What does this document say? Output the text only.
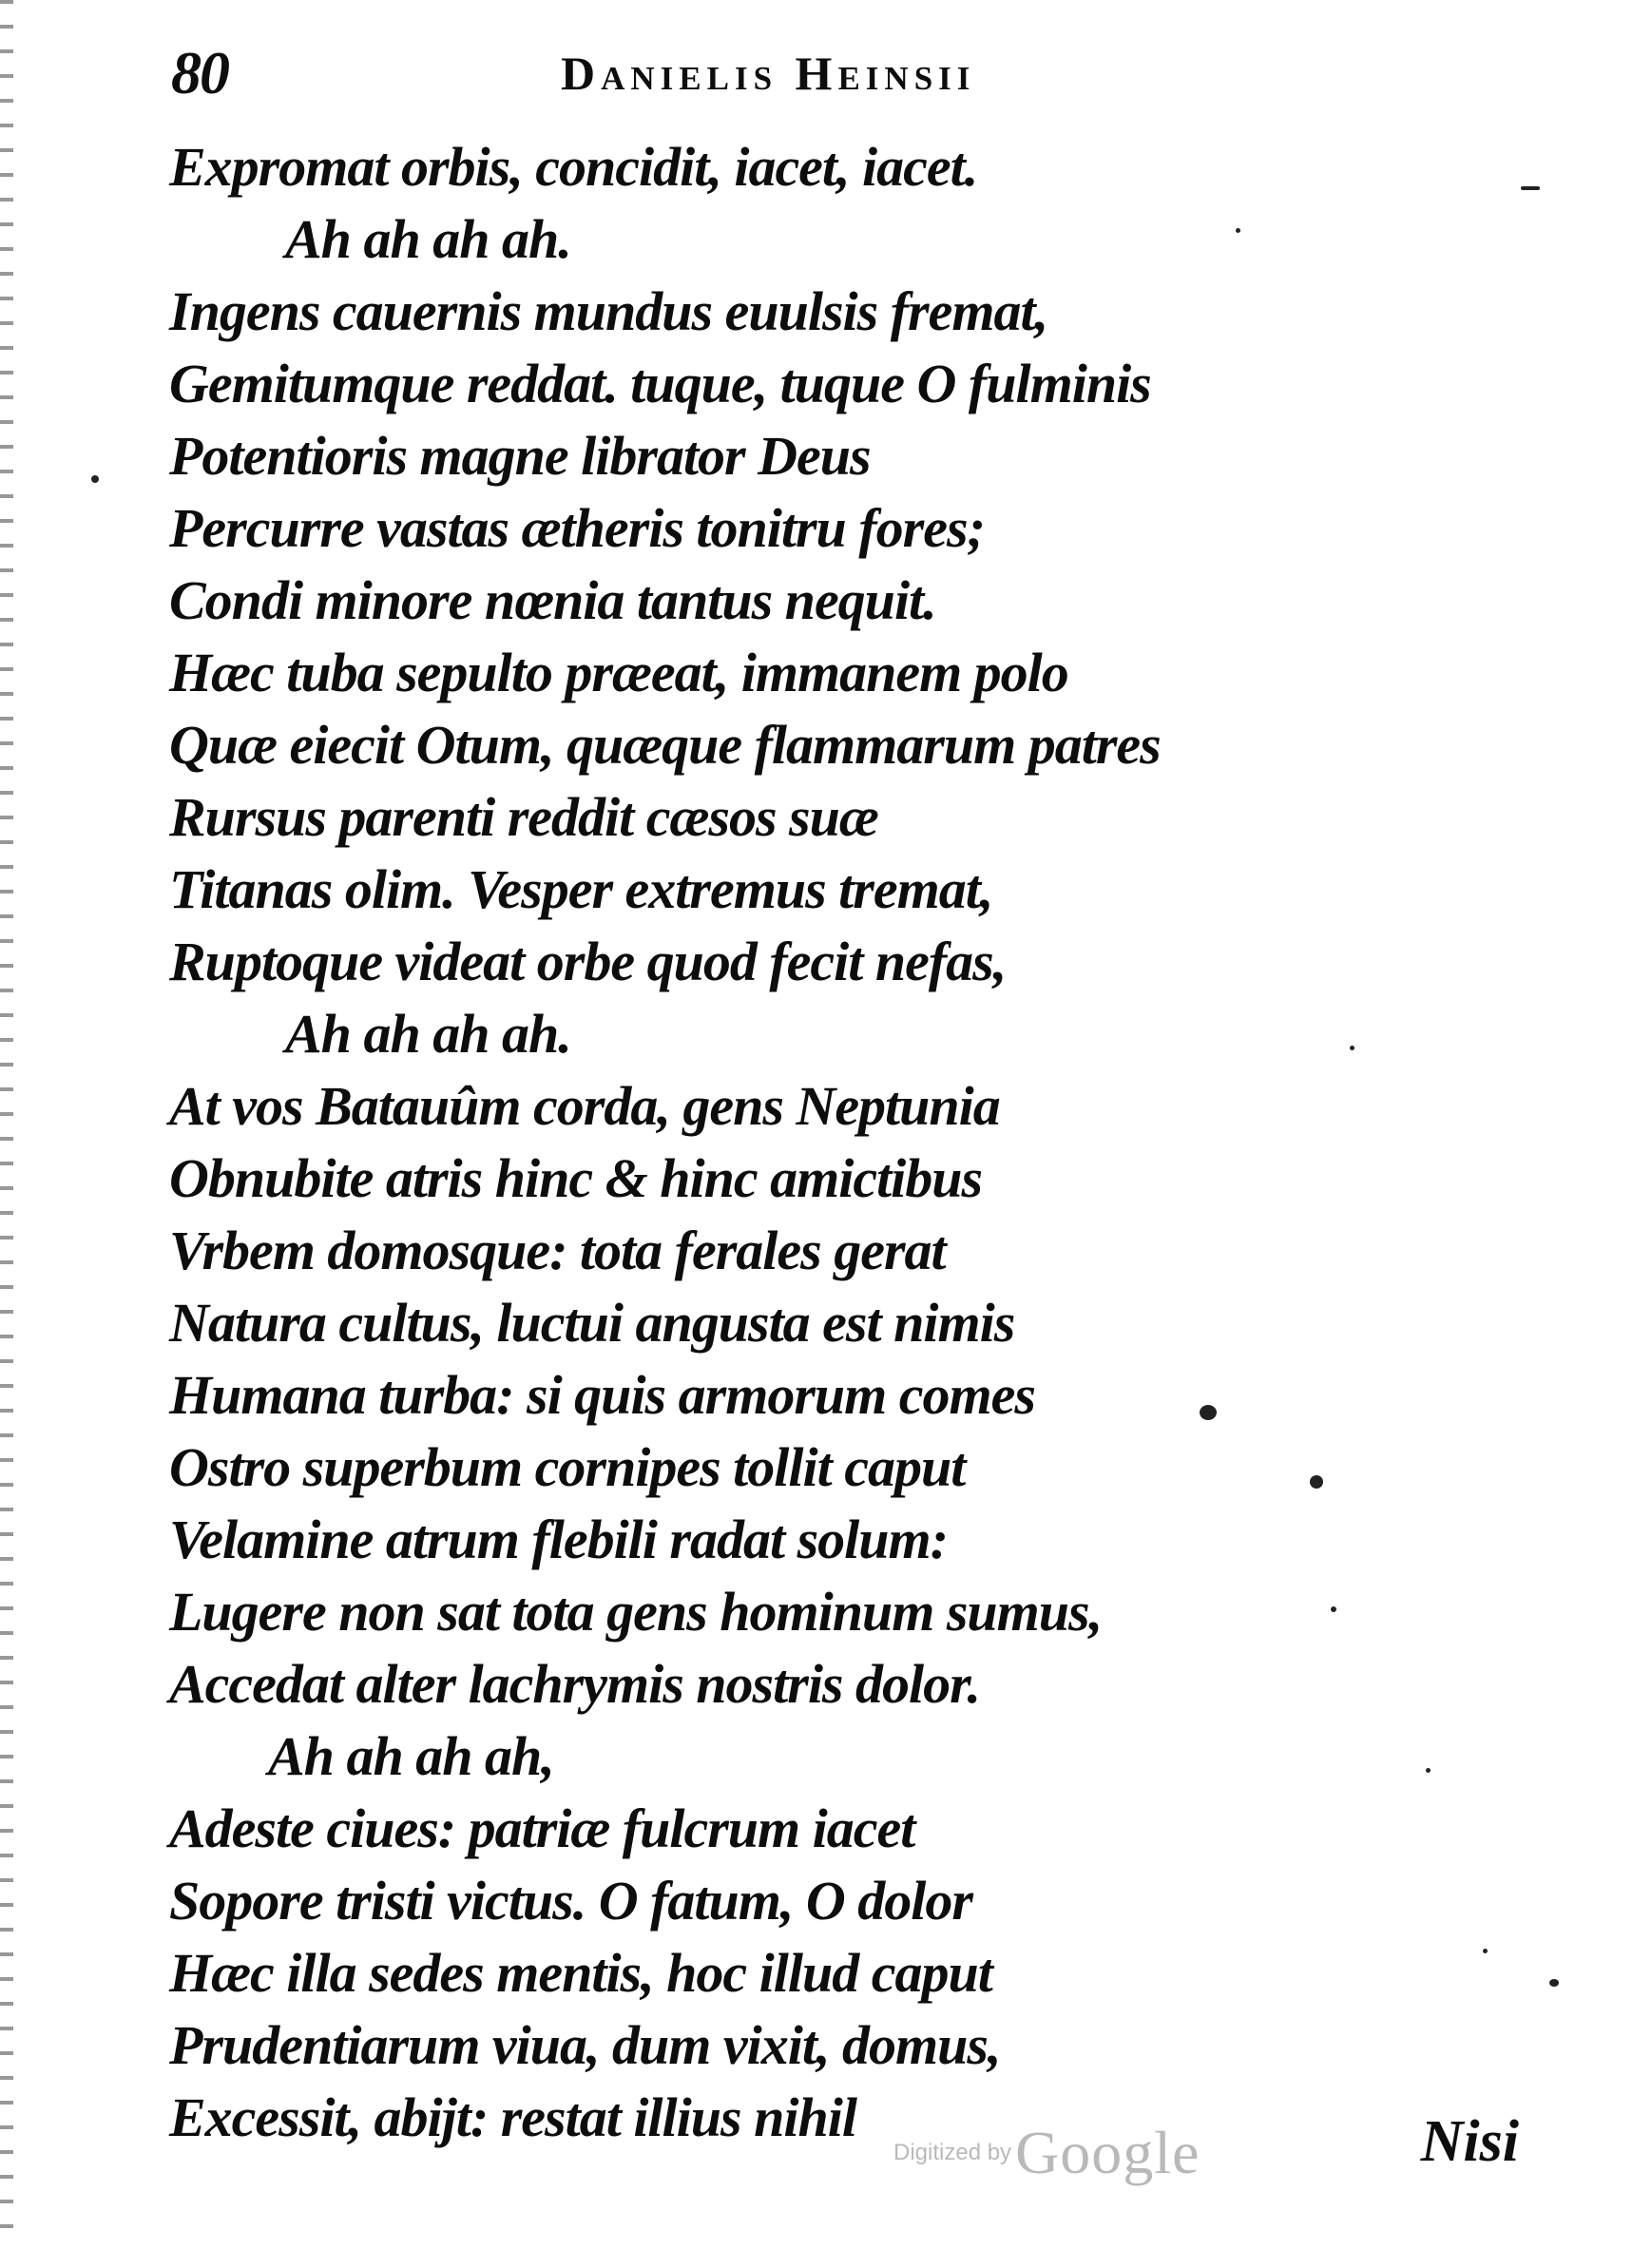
80	Danielis Heinsii
Expromat orbis, concidit, iacet, iacet.
Ah ah ah ah.
Ingens cauernis mundus euulsis fremat,
Gemitumque reddat. tuque, tuque O fulminis
Potentioris magne librator Deus
Percurre vastas ætheris tonitru fores;
Condi minore nœnia tantus nequit.
Hæc tuba sepulto præeat, immanem polo
Quæ eiecit Otum, quæque flammarum patres
Rursus parenti reddit cæsos suæ
Titanas olim. Vesper extremus tremat,
Ruptoque videat orbe quod fecit nefas,
Ah ah ah ah.
At vos Batauûm corda, gens Neptunia
Obnubite atris hinc & hinc amictibus
Vrbem domosque: tota ferales gerat
Natura cultus, luctui angusta est nimis
Humana turba: si quis armorum comes
Ostro superbum cornipes tollit caput
Velamine atrum flebili radat solum:
Lugere non sat tota gens hominum sumus,
Accedat alter lachrymis nostris dolor.
Ah ah ah ah,
Adeste ciues: patriæ fulcrum iacet
Sopore tristi victus. O fatum, O dolor
Hæc illa sedes mentis, hoc illud caput
Prudentiarum viua, dum vixit, domus,
Excessit, abijt: restat illius nihil
Digitized by Google	Nisi
